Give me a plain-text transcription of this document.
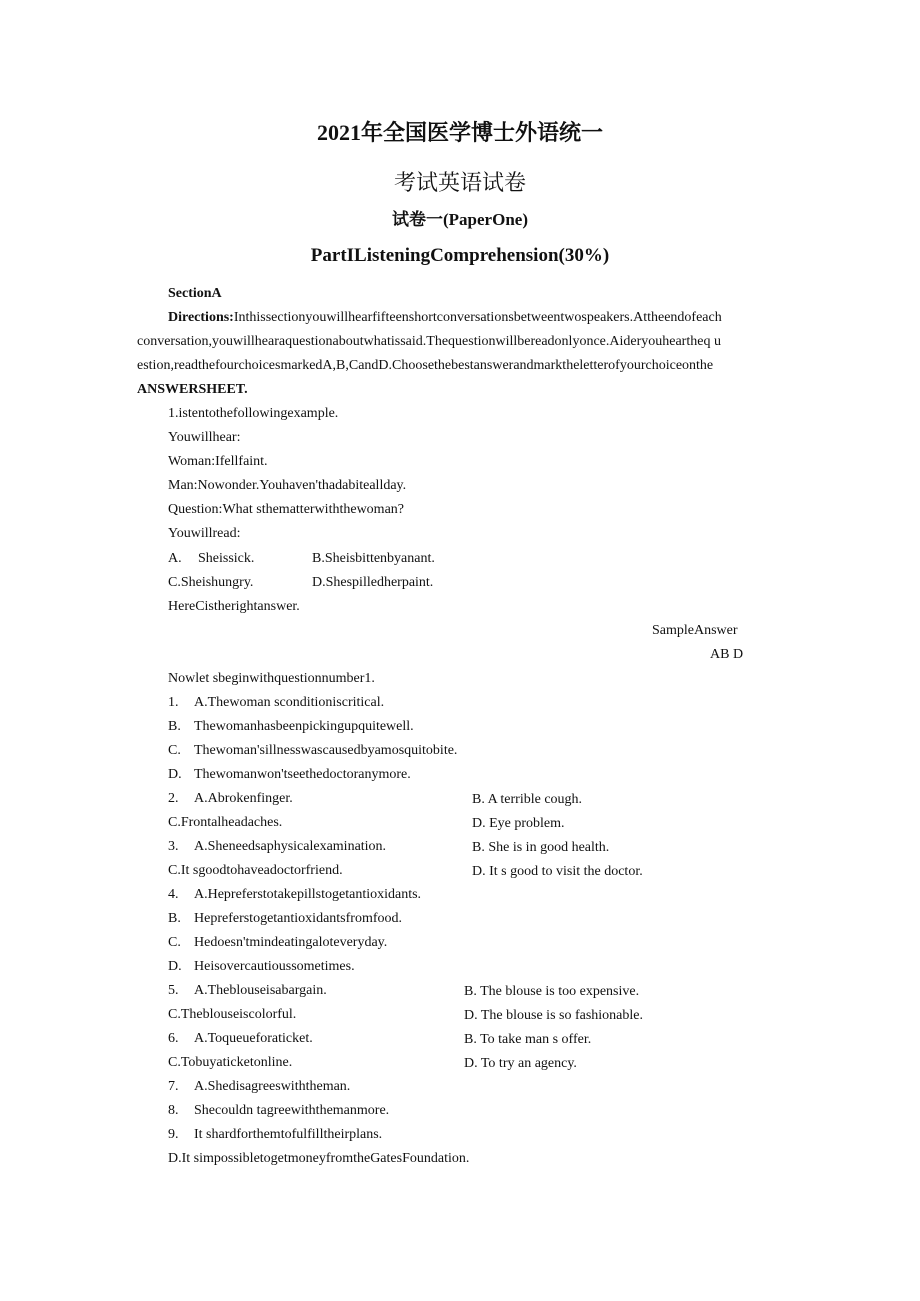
2021年全国医学博士外语统一
考试英语试卷
试卷一(PaperOne)
PartIListeningComprehension(30%)
SectionA
Directions:Inthissectionyouwillhearfifteenshortconversationsbetweentwospeakers.Attheendofeach
conversation,youwillhearaquestionaboutwhatissaid.Thequestionwillbereadonlyonce.Aideryouheartheq u
estion,readthefourchoicesmarkedA,B,CandD.Choosethebestanswerandmarktheletterofyourchoiceonthe
ANSWERSHEET.
1.istentothefollowingexample.
Youwillhear:
Woman:Ifellfaint.
Man:Nowonder.Youhaven'thadabiteallday.
Question:What sthematterwiththewoman?
Youwillread:
A. Sheissick.	B.Sheisbittenbyanant.
C.Sheishungry.	D.Shespilledherpaint.
HereCistherightanswer.
SampleAnswer
AB D
Nowlet sbeginwithquestionnumber1.
1. A.Thewoman sconditioniscritical.
B. Thewomanhasbeenpickingupquitewell.
C. Thewoman'sillnesswascausedbyamosquitobite.
D. Thewomanwon'tseethedoctoranymore.
2. A.Abrokenfinger.	B. A terrible cough.
C.Frontalheadaches.	D. Eye problem.
3. A.Sheneedsaphysicalexamination.	B. She is in good health.
C.It sgoodtohaveadoctorfriend.	D. It s good to visit the doctor.
4. A.Hepreferstotakepillstogetantioxidants.
B. Hepreferstogetantioxidantsfromfood.
C. Hedoesn'tmindeatingaloteveryday.
D. Heisovercautioussometimes.
5. A.Theblouseisabargain.	B. The blouse is too expensive.
C.Theblouseiscolorful.	D. The blouse is so fashionable.
6. A.Toqueueforaticket.	B. To take man s offer.
C.Tobuyaticketonline.	D. To try an agency.
7. A.Shedisagreeswiththeman.
8. Shecouldn tagreewiththemanmore.
9. It shardforthemtofulfilltheirplans.
D.It simpossibletogetmoneyfromtheGatesFoundation.
